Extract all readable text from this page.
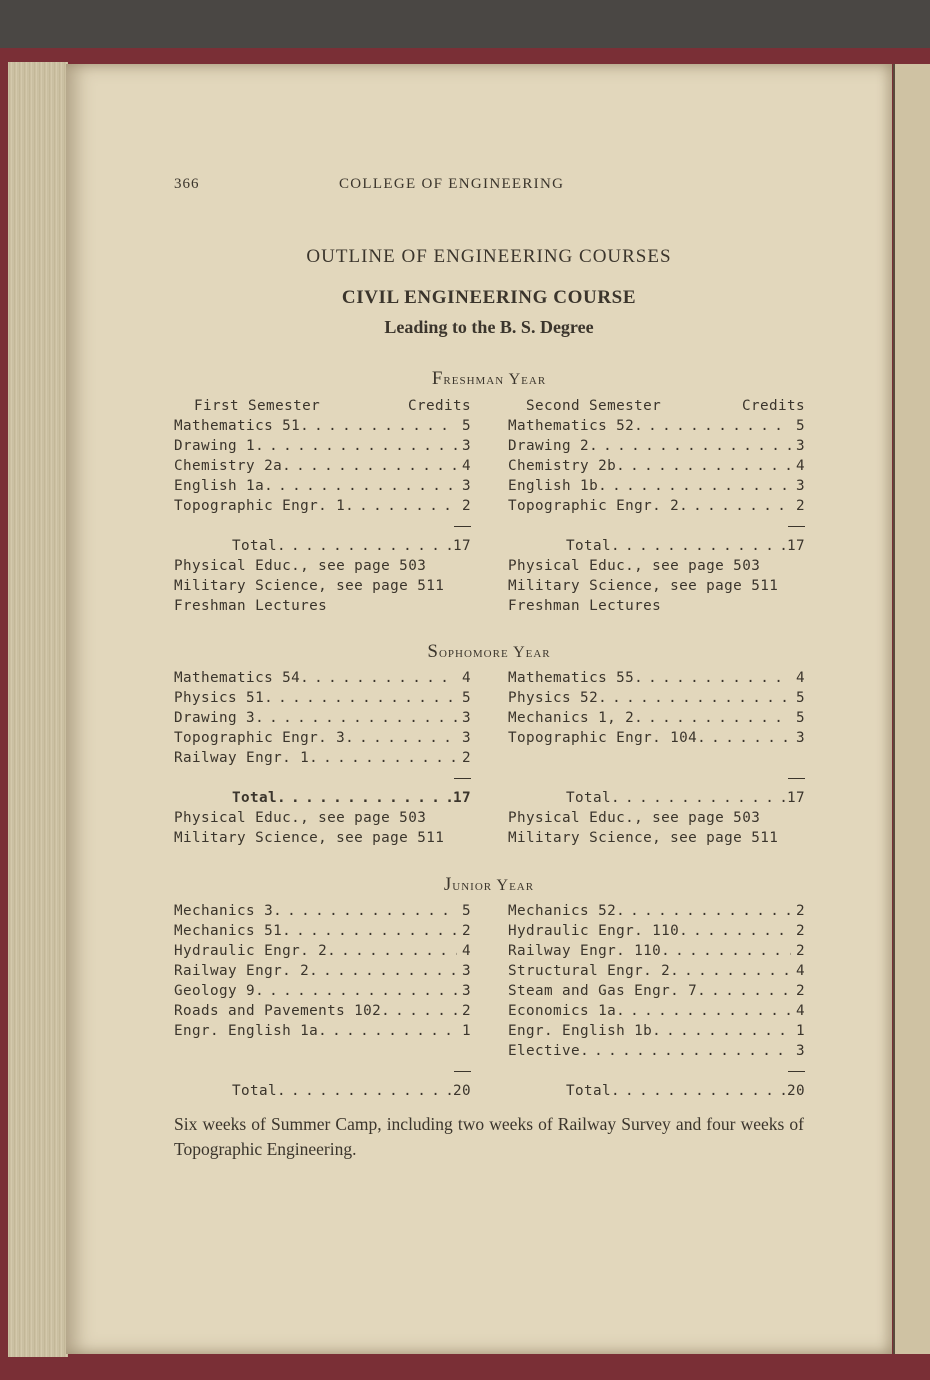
366	COLLEGE OF ENGINEERING
OUTLINE OF ENGINEERING COURSES
CIVIL ENGINEERING COURSE
Leading to the B. S. Degree
Freshman Year
First Semester	Credits
Mathematics 51 . . .	5
Drawing 1 . . .	3
Chemistry 2a . . .	4
English 1a . . .	3
Topographic Engr. 1 . . .	2
Total . . .	17
Physical Educ., see page 503
Military Science, see page 511
Freshman Lectures
Second Semester	Credits
Mathematics 52 . . .	5
Drawing 2 . . .	3
Chemistry 2b . . .	4
English 1b . . .	3
Topographic Engr. 2 . . .	2
Total . . .	17
Physical Educ., see page 503
Military Science, see page 511
Freshman Lectures
Sophomore Year
Mathematics 54 . . .	4
Physics 51 . . .	5
Drawing 3 . . .	3
Topographic Engr. 3 . . .	3
Railway Engr. 1 . . .	2
Total . . .	17
Physical Educ., see page 503
Military Science, see page 511
Mathematics 55 . . .	4
Physics 52 . . .	5
Mechanics 1, 2 . . .	5
Topographic Engr. 104 . . .	3
Total . . .	17
Physical Educ., see page 503
Military Science, see page 511
Junior Year
Mechanics 3 . . .	5
Mechanics 51 . . .	2
Hydraulic Engr. 2 . . .	4
Railway Engr. 2 . . .	3
Geology 9 . . .	3
Roads and Pavements 102 . . .	2
Engr. English 1a . . .	1
Total . . .	20
Mechanics 52 . . .	2
Hydraulic Engr. 110 . . .	2
Railway Engr. 110 . . .	2
Structural Engr. 2 . . .	4
Steam and Gas Engr. 7 . . .	2
Economics 1a . . .	4
Engr. English 1b . . .	1
Elective . . .	3
Total . . .	20
Six weeks of Summer Camp, including two weeks of Railway Survey and four weeks of Topographic Engineering.
